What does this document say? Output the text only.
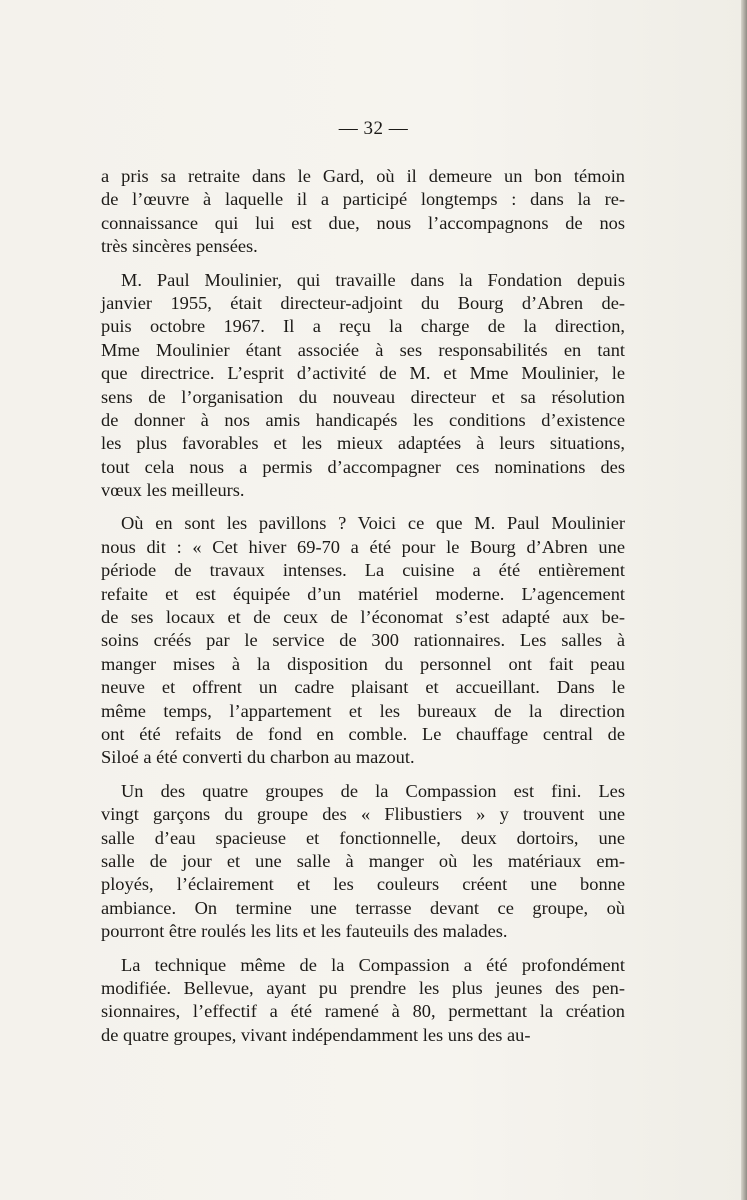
— 32 —
a pris sa retraite dans le Gard, où il demeure un bon témoin
de l’œuvre à laquelle il a participé longtemps : dans la re-
connaissance qui lui est due, nous l’accompagnons de nos
très sincères pensées.
M. Paul Moulinier, qui travaille dans la Fondation depuis
janvier 1955, était directeur-adjoint du Bourg d’Abren de-
puis octobre 1967. Il a reçu la charge de la direction,
Mme Moulinier étant associée à ses responsabilités en tant
que directrice. L’esprit d’activité de M. et Mme Moulinier, le
sens de l’organisation du nouveau directeur et sa résolution
de donner à nos amis handicapés les conditions d’existence
les plus favorables et les mieux adaptées à leurs situations,
tout cela nous a permis d’accompagner ces nominations des
vœux les meilleurs.
Où en sont les pavillons ? Voici ce que M. Paul Moulinier
nous dit : « Cet hiver 69-70 a été pour le Bourg d’Abren une
période de travaux intenses. La cuisine a été entièrement
refaite et est équipée d’un matériel moderne. L’agencement
de ses locaux et de ceux de l’économat s’est adapté aux be-
soins créés par le service de 300 rationnaires. Les salles à
manger mises à la disposition du personnel ont fait peau
neuve et offrent un cadre plaisant et accueillant. Dans le
même temps, l’appartement et les bureaux de la direction
ont été refaits de fond en comble. Le chauffage central de
Siloé a été converti du charbon au mazout.
Un des quatre groupes de la Compassion est fini. Les
vingt garçons du groupe des « Flibustiers » y trouvent une
salle d’eau spacieuse et fonctionnelle, deux dortoirs, une
salle de jour et une salle à manger où les matériaux em-
ployés, l’éclairement et les couleurs créent une bonne
ambiance. On termine une terrasse devant ce groupe, où
pourront être roulés les lits et les fauteuils des malades.
La technique même de la Compassion a été profondément
modifiée. Bellevue, ayant pu prendre les plus jeunes des pen-
sionnaires, l’effectif a été ramené à 80, permettant la création
de quatre groupes, vivant indépendamment les uns des au-
